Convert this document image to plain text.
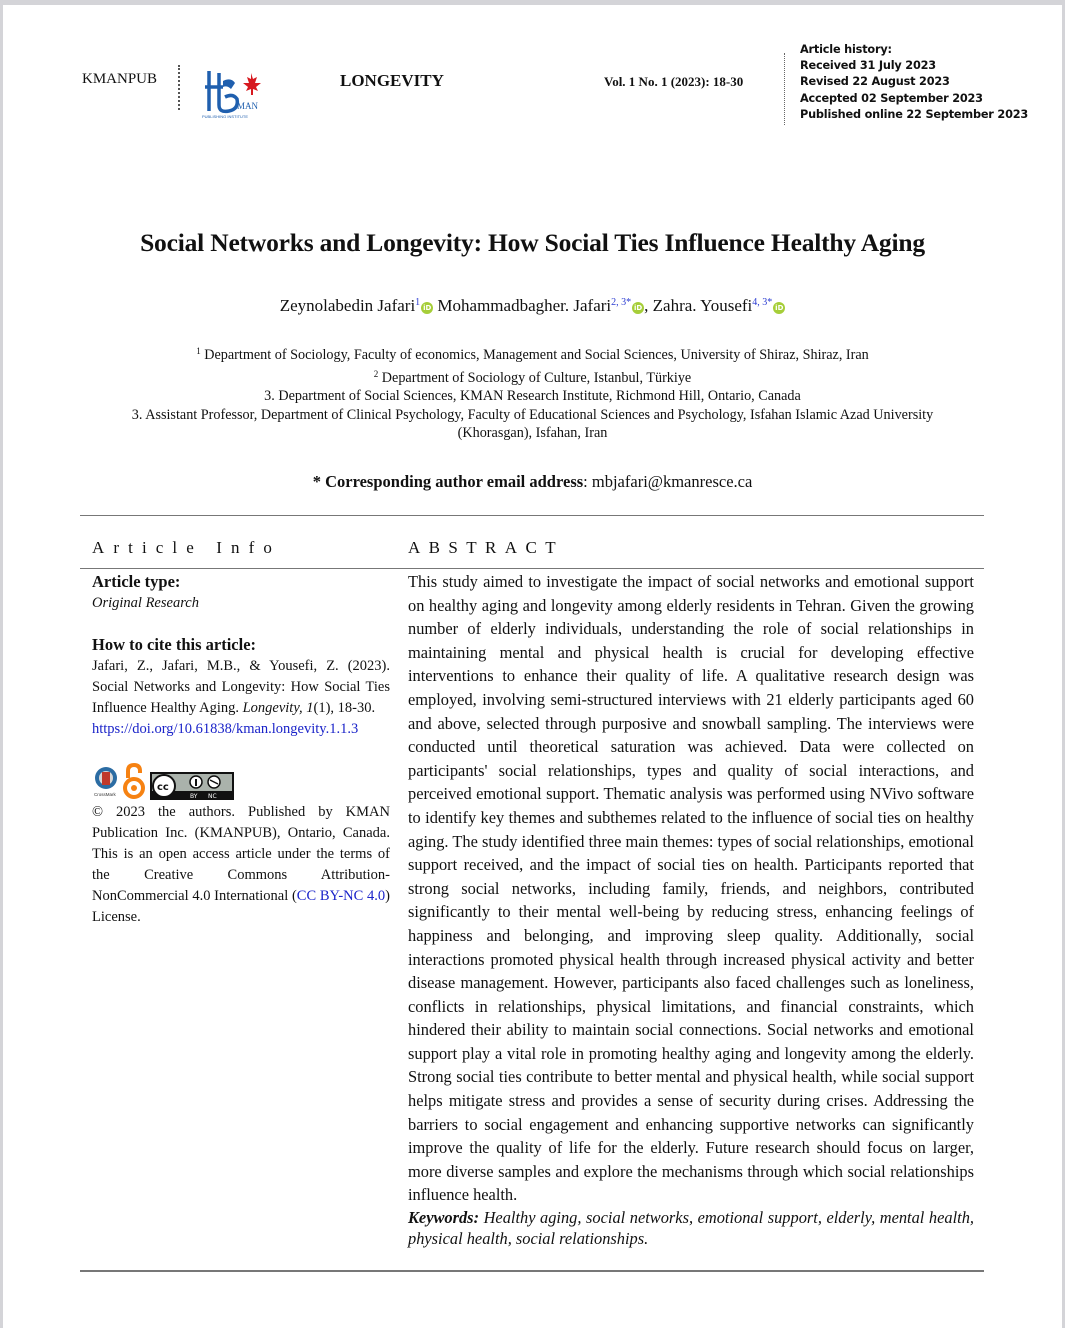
KMANPUB
MAN
PUBLISHING INSTITUTE
LONGEVITY	Vol. 1 No. 1 (2023): 18-30
Article history:
Received 31 July 2023
Revised 22 August 2023
Accepted 02 September 2023
Published online 22 September 2023
Social Networks and Longevity: How Social Ties Influence Healthy Aging
Zeynolabedin Jafari$^1$ iD Mohammadbagher. Jafari$^{2, 3*}$ iD , Zahra. Yousefi$^{4, 3*}$ iD
$^1$ Department of Sociology, Faculty of economics, Management and Social Sciences, University of Shiraz, Shiraz, Iran
$^2$ Department of Sociology of Culture, Istanbul, Türkiye
3. Department of Social Sciences, KMAN Research Institute, Richmond Hill, Ontario, Canada
3. Assistant Professor, Department of Clinical Psychology, Faculty of Educational Sciences and Psychology, Isfahan Islamic Azad University (Khorasgan), Isfahan, Iran
* Corresponding author email address: mbjafari@kmanresce.ca
Article Info	ABSTRACT
Article type:
Original Research
How to cite this article:
Jafari, Z., Jafari, M.B., & Yousefi, Z. (2023). Social Networks and Longevity: How Social Ties Influence Healthy Aging. Longevity, 1(1), 18-30.
https://doi.org/10.61838/kman.longevity.1.1.3
CrossMark
cc
BY NC
© 2023 the authors. Published by KMAN Publication Inc. (KMANPUB), Ontario, Canada. This is an open access article under the terms of the Creative Commons Attribution-NonCommercial 4.0 International (CC BY-NC 4.0) License.
This study aimed to investigate the impact of social networks and emotional support on healthy aging and longevity among elderly residents in Tehran. Given the growing number of elderly individuals, understanding the role of social relationships in maintaining mental and physical health is crucial for developing effective interventions to enhance their quality of life. A qualitative research design was employed, involving semi-structured interviews with 21 elderly participants aged 60 and above, selected through purposive and snowball sampling. The interviews were conducted until theoretical saturation was achieved. Data were collected on participants' social relationships, types and quality of social interactions, and perceived emotional support. Thematic analysis was performed using NVivo software to identify key themes and subthemes related to the influence of social ties on healthy aging. The study identified three main themes: types of social relationships, emotional support received, and the impact of social ties on health. Participants reported that strong social networks, including family, friends, and neighbors, contributed significantly to their mental well-being by reducing stress, enhancing feelings of happiness and belonging, and improving sleep quality. Additionally, social interactions promoted physical health through increased physical activity and better disease management. However, participants also faced challenges such as loneliness, conflicts in relationships, physical limitations, and financial constraints, which hindered their ability to maintain social connections. Social networks and emotional support play a vital role in promoting healthy aging and longevity among the elderly. Strong social ties contribute to better mental and physical health, while social support helps mitigate stress and provides a sense of security during crises. Addressing the barriers to social engagement and enhancing supportive networks can significantly improve the quality of life for the elderly. Future research should focus on larger, more diverse samples and explore the mechanisms through which social relationships influence health.
Keywords: Healthy aging, social networks, emotional support, elderly, mental health, physical health, social relationships.
